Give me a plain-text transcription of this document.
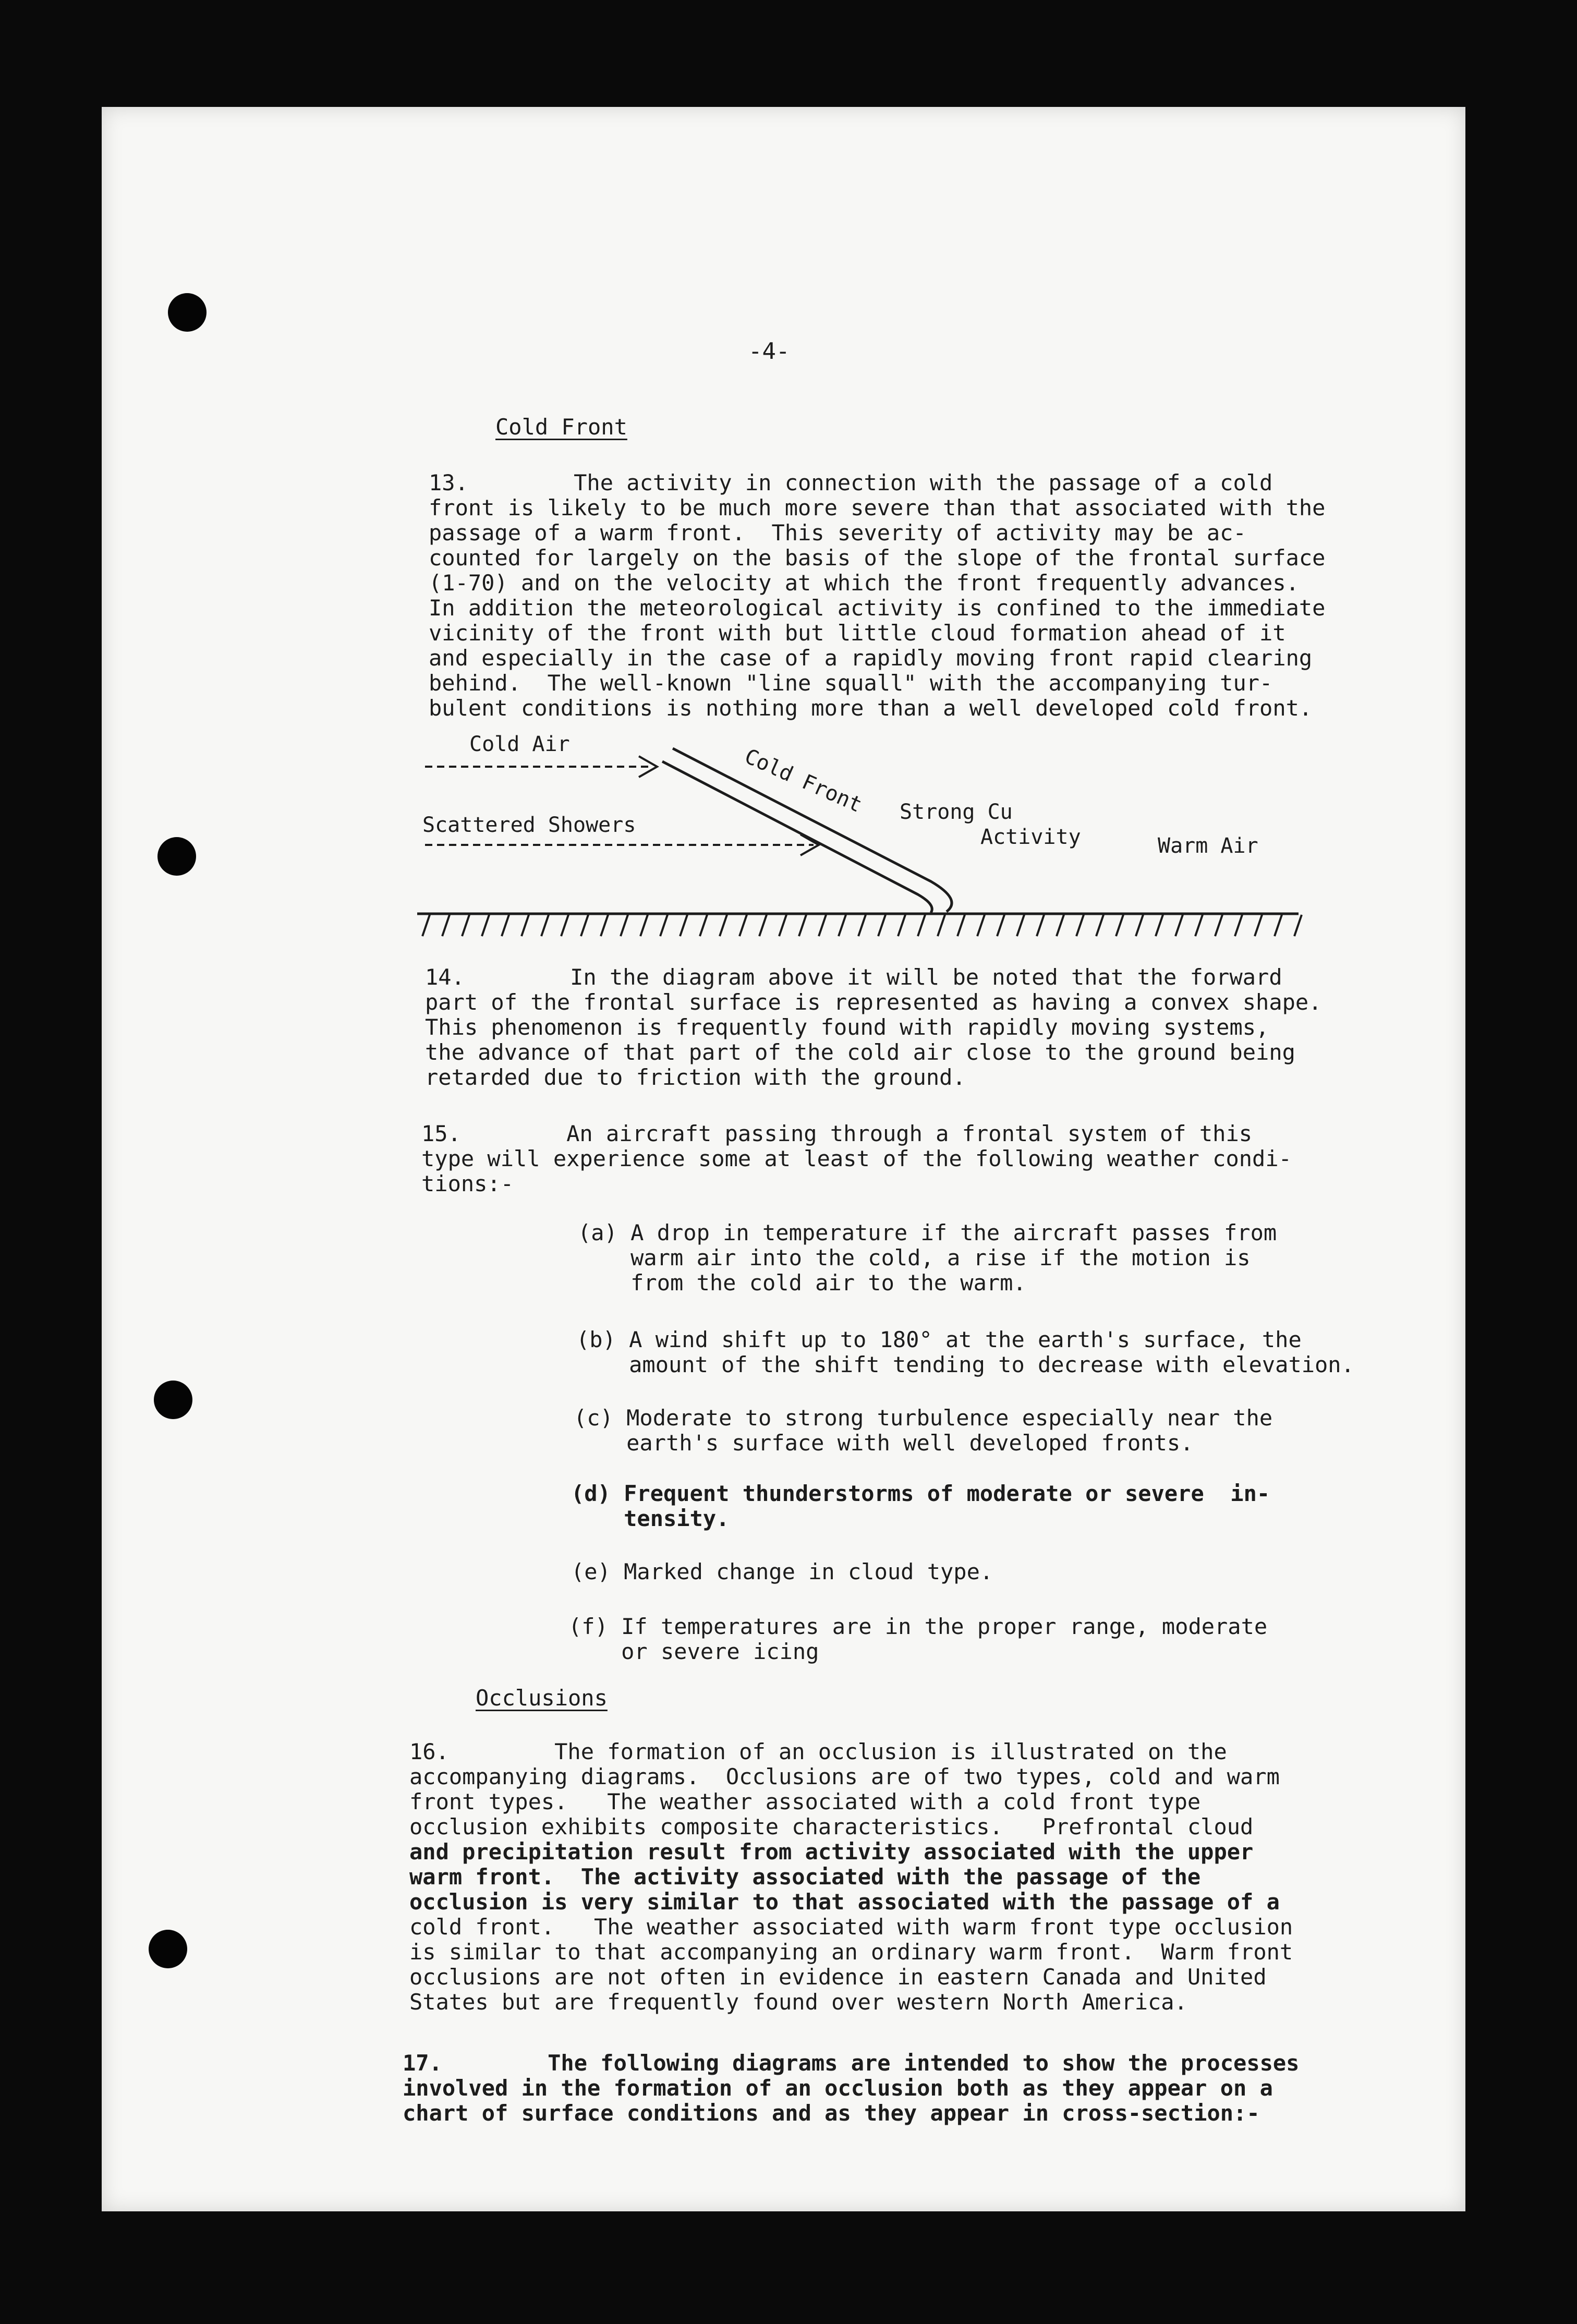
-4-
Cold Front
13.        The activity in connection with the passage of a cold
front is likely to be much more severe than that associated with the
passage of a warm front.  This severity of activity may be ac-
counted for largely on the basis of the slope of the frontal surface
(1-70) and on the velocity at which the front frequently advances.
In addition the meteorological activity is confined to the immediate
vicinity of the front with but little cloud formation ahead of it
and especially in the case of a rapidly moving front rapid clearing
behind.  The well-known "line squall" with the accompanying tur-
bulent conditions is nothing more than a well developed cold front.
Cold Air
Cold Front
Scattered Showers
Strong Cu
Activity	Warm Air
14.        In the diagram above it will be noted that the forward
part of the frontal surface is represented as having a convex shape.
This phenomenon is frequently found with rapidly moving systems,
the advance of that part of the cold air close to the ground being
retarded due to friction with the ground.
15.        An aircraft passing through a frontal system of this
type will experience some at least of the following weather condi-
tions:-
(a) A drop in temperature if the aircraft passes from
warm air into the cold, a rise if the motion is
from the cold air to the warm.
(b) A wind shift up to 180° at the earth's surface, the
amount of the shift tending to decrease with elevation.
(c) Moderate to strong turbulence especially near the
earth's surface with well developed fronts.
(d) Frequent thunderstorms of moderate or severe  in-
tensity.
(e) Marked change in cloud type.
(f) If temperatures are in the proper range, moderate
or severe icing
Occlusions
16.        The formation of an occlusion is illustrated on the
accompanying diagrams.  Occlusions are of two types, cold and warm
front types.   The weather associated with a cold front type
occlusion exhibits composite characteristics.   Prefrontal cloud
and precipitation result from activity associated with the upper
warm front.  The activity associated with the passage of the
occlusion is very similar to that associated with the passage of a
cold front.   The weather associated with warm front type occlusion
is similar to that accompanying an ordinary warm front.  Warm front
occlusions are not often in evidence in eastern Canada and United
States but are frequently found over western North America.
17.        The following diagrams are intended to show the processes
involved in the formation of an occlusion both as they appear on a
chart of surface conditions and as they appear in cross-section:-
